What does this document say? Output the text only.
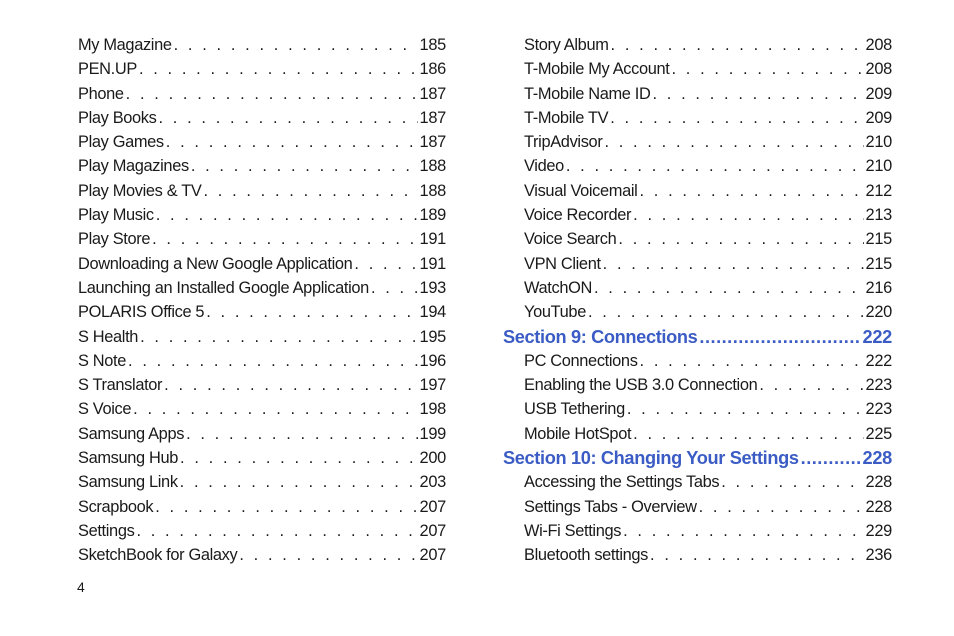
My Magazine . . .	185
PEN.UP . . .	186
Phone . . .	187
Play Books . . .	187
Play Games . . .	187
Play Magazines . . .	188
Play Movies & TV . . .	188
Play Music . . .	189
Play Store . . .	191
Downloading a New Google Application . . .	191
Launching an Installed Google Application . . .	193
POLARIS Office 5 . . .	194
S Health . . .	195
S Note . . .	196
S Translator . . .	197
S Voice . . .	198
Samsung Apps . . .	199
Samsung Hub . . .	200
Samsung Link . . .	203
Scrapbook . . .	207
Settings . . .	207
SketchBook for Galaxy . . .	207
Story Album . . .	208
T-Mobile My Account . . .	208
T-Mobile Name ID . . .	209
T-Mobile TV . . .	209
TripAdvisor . . .	210
Video . . .	210
Visual Voicemail . . .	212
Voice Recorder . . .	213
Voice Search . . .	215
VPN Client . . .	215
WatchON . . .	216
YouTube . . .	220
Section 9: Connections .....	222
PC Connections . . .	222
Enabling the USB 3.0 Connection . . .	223
USB Tethering . . .	223
Mobile HotSpot . . .	225
Section 10: Changing Your Settings .....	228
Accessing the Settings Tabs . . .	228
Settings Tabs - Overview . . .	228
Wi-Fi Settings . . .	229
Bluetooth settings . . .	236
4
